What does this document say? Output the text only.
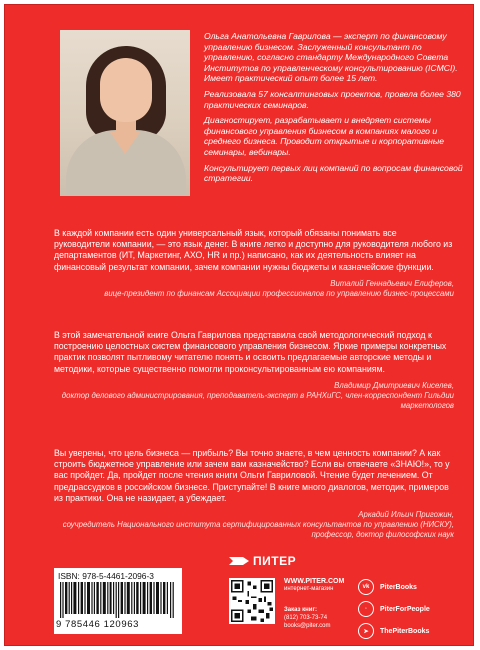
Ольга Анатольевна Гаврилова — эксперт по финансовому управлению бизнесом. Заслуженный консультант по управлению, согласно стандарту Международного Совета Институтов по управленческому консультированию (ICMCI). Имеет практический опыт более 15 лет.

Реализовала 57 консалтинговых проектов, провела более 380 практических семинаров.

Диагностирует, разрабатывает и внедряет системы финансового управления бизнесом в компаниях малого и среднего бизнеса. Проводит открытые и корпоративные семинары, вебинары.

Консультирует первых лиц компаний по вопросам финансовой стратегии.

В каждой компании есть один универсальный язык, который обязаны понимать все руководители компании, — это язык денег. В книге легко и доступно для руководителя любого из департаментов (ИТ, Маркетинг, АХО, HR и пр.) написано, как их деятельность влияет на финансовый результат компании, зачем компании нужны бюджеты и казначейские функции.

Виталий Геннадьевич Елиферов,
вице-президент по финансам Ассоциации профессионалов по управлению бизнес-процессами

В этой замечательной книге Ольга Гаврилова представила свой методологический подход к построению целостных систем финансового управления бизнесом. Яркие примеры конкретных практик позволят пытливому читателю понять и освоить предлагаемые авторские методы и методики, которые существенно помогли проконсультированным ею компаниям.

Владимир Дмитриевич Киселев,
доктор делового администрирования, преподаватель-эксперт в РАНХиГС, член-корреспондент Гильдии маркетологов

Вы уверены, что цель бизнеса — прибыль? Вы точно знаете, в чем ценность компании? А как строить бюджетное управление или зачем вам казначейство? Если вы отвечаете «ЗНАЮ!», то у вас пройдет. Да, пройдет после чтения книги Ольги Гавриловой. Чтение будет лечением. От предрассудков в российском бизнесе. Приступайте! В книге много диалогов, методик, примеров из практики. Она не назидает, а убеждает.

Аркадий Ильич Пригожин,
соучредитель Национального института сертифицированных консультантов по управлению (НИСКУ), профессор, доктор философских наук
ISBN: 978-5-4461-2096-3
9 785446 120963
ПИТЕР
WWW.PITER.COM
интернет-магазин
Заказ книг:
(812) 703-73-74
books@piter.com
vk	PiterBooks
◦	PiterForPeople
➤	ThePiterBooks
